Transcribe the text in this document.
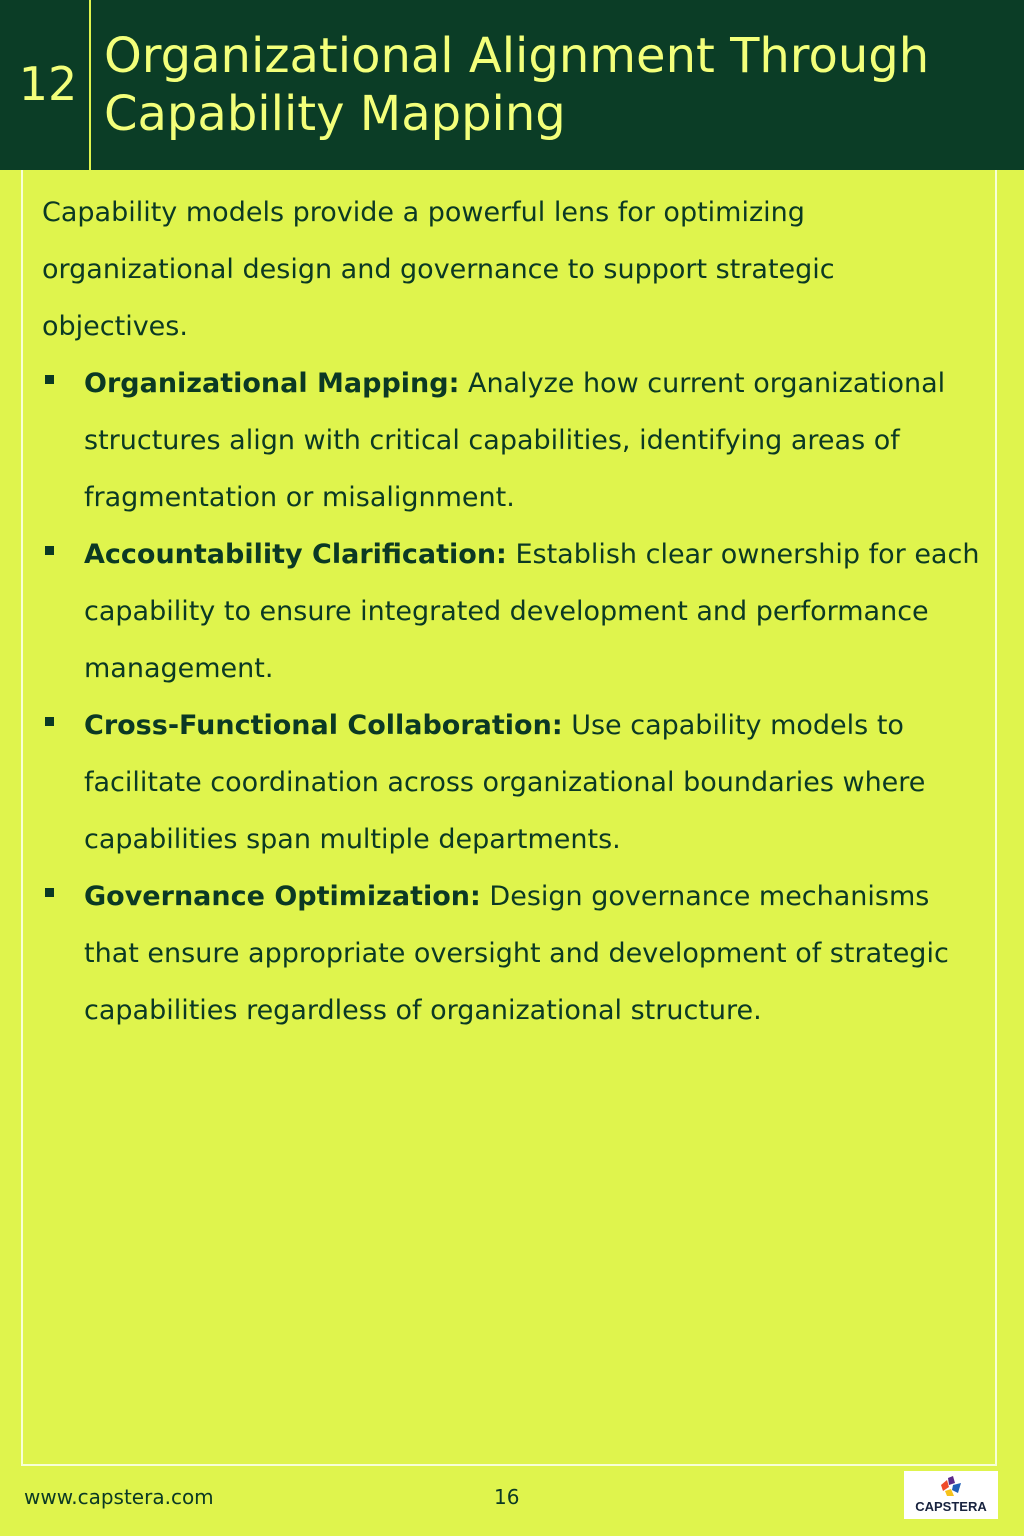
12 Organizational Alignment Through
Capability Mapping

Capability models provide a powerful lens for optimizing organizational design and governance to support strategic objectives.

Organizational Mapping: Analyze how current organizational structures align with critical capabilities, identifying areas of fragmentation or misalignment.
Accountability Clarification: Establish clear ownership for each capability to ensure integrated development and performance management.
Cross-Functional Collaboration: Use capability models to facilitate coordination across organizational boundaries where capabilities span multiple departments.
Governance Optimization: Design governance mechanisms that ensure appropriate oversight and development of strategic capabilities regardless of organizational structure.
www.capstera.com	16	CAPSTERA
